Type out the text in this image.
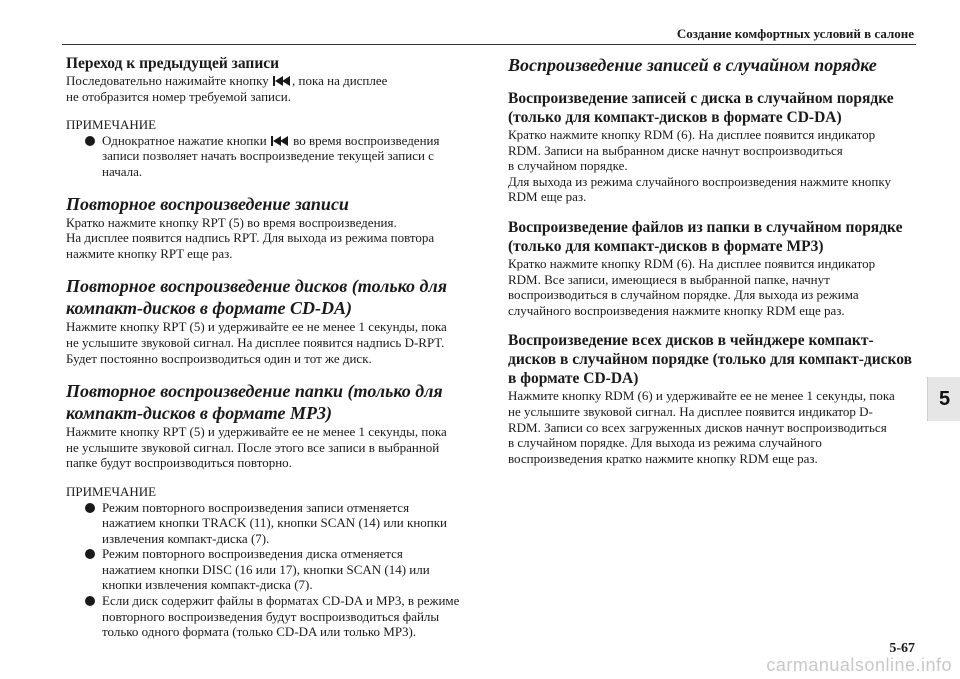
Создание комфортных условий в салоне
Переход к предыдущей записи

Последовательно нажимайте кнопку , пока на дисплее
не отобразится номер требуемой записи.

ПРИМЕЧАНИЕ
Однократное нажатие кнопки во время воспроизведения
записи позволяет начать воспроизведение текущей записи с
начала.
Повторное воспроизведение записи

Кратко нажмите кнопку RPT (5) во время воспроизведения.
На дисплее появится надпись RPT. Для выхода из режима повтора
нажмите кнопку RPT еще раз.

Повторное воспроизведение дисков (только для
компакт-дисков в формате CD-DA)

Нажмите кнопку RPT (5) и удерживайте ее не менее 1 секунды, пока
не услышите звуковой сигнал. На дисплее появится надпись D-RPT.
Будет постоянно воспроизводиться один и тот же диск.

Повторное воспроизведение папки (только для
компакт-дисков в формате MP3)

Нажмите кнопку RPT (5) и удерживайте ее не менее 1 секунды, пока
не услышите звуковой сигнал. После этого все записи в выбранной
папке будут воспроизводиться повторно.

ПРИМЕЧАНИЕ
Режим повторного воспроизведения записи отменяется
нажатием кнопки TRACK (11), кнопки SCAN (14) или кнопки
извлечения компакт-диска (7).
Режим повторного воспроизведения диска отменяется
нажатием кнопки DISC (16 или 17), кнопки SCAN (14) или
кнопки извлечения компакт-диска (7).
Если диск содержит файлы в форматах CD-DA и MP3, в режиме
повторного воспроизведения будут воспроизводиться файлы
только одного формата (только CD-DA или только MP3).
Воспроизведение записей в случайном порядке
Воспроизведение записей с диска в случайном порядке
(только для компакт-дисков в формате CD-DA)

Кратко нажмите кнопку RDM (6). На дисплее появится индикатор
RDM. Записи на выбранном диске начнут воспроизводиться
в случайном порядке.
Для выхода из режима случайного воспроизведения нажмите кнопку
RDM еще раз.

Воспроизведение файлов из папки в случайном порядке
(только для компакт-дисков в формате MP3)

Кратко нажмите кнопку RDM (6). На дисплее появится индикатор
RDM. Все записи, имеющиеся в выбранной папке, начнут
воспроизводиться в случайном порядке. Для выхода из режима
случайного воспроизведения нажмите кнопку RDM еще раз.

Воспроизведение всех дисков в чейнджере компакт-
дисков в случайном порядке (только для компакт-дисков
в формате CD-DA)

Нажмите кнопку RDM (6) и удерживайте ее не менее 1 секунды, пока
не услышите звуковой сигнал. На дисплее появится индикатор D-
RDM. Записи со всех загруженных дисков начнут воспроизводиться
в случайном порядке. Для выхода из режима случайного
воспроизведения кратко нажмите кнопку RDM еще раз.

5
5-67
carmanualsonline.info
